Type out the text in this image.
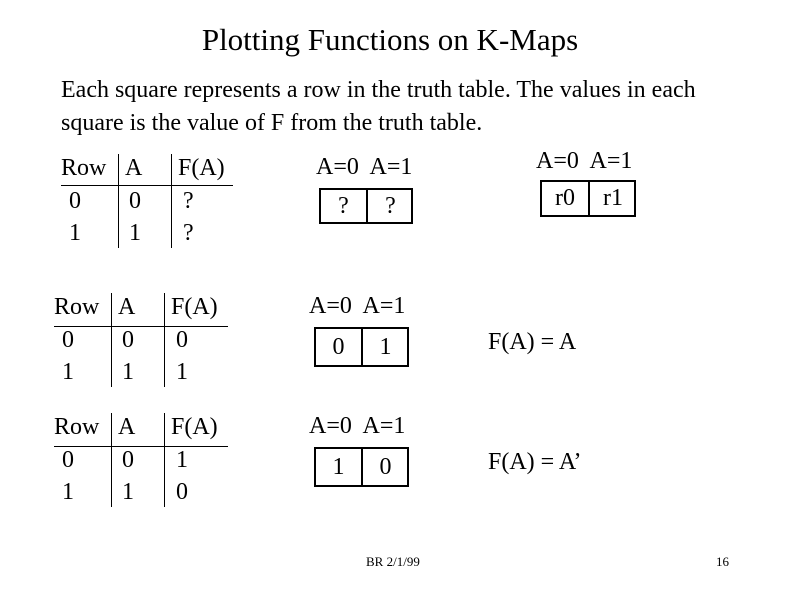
Plotting Functions on K-Maps
Each square represents a row in the truth table. The values in each square is the value of F from the truth table.
Row A F(A)
0 0 ?
1 1 ?
Row A F(A)
0 0 0
1 1 1
Row A F(A)
0 0 1
1 1 0
A=0  A=1
?	?
A=0  A=1
r0	r1
A=0  A=1
0	1
A=0  A=1
1	0
F(A) = A
F(A) = A’
BR 2/1/99	16
